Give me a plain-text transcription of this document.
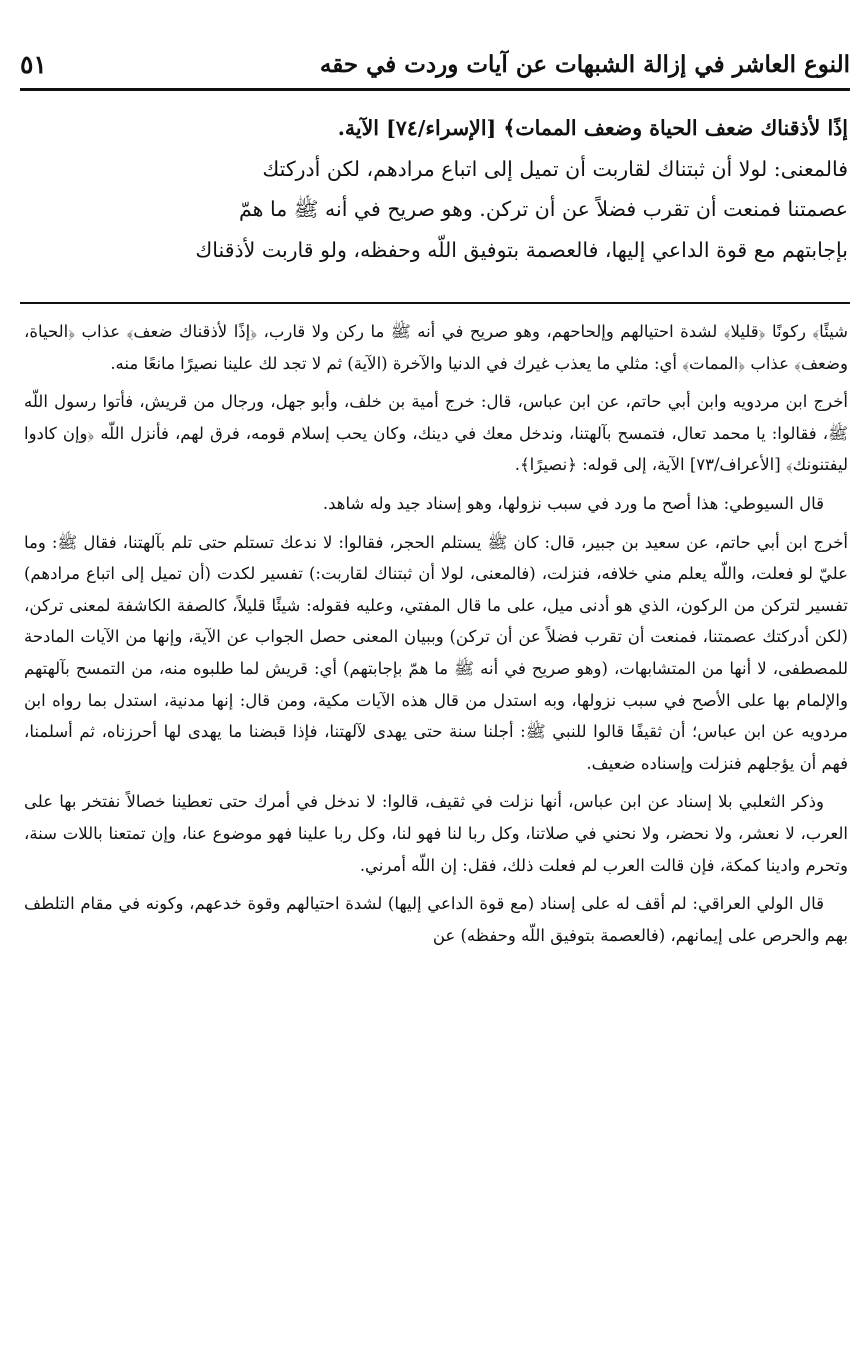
النوع العاشر في إزالة الشبهات عن آيات وردت في حقه
٥١

إذًا لأذقناك ضعف الحياة وضعف الممات﴾ [الإسراء/٧٤] الآية.

فالمعنى: لولا أن ثبتناك لقاربت أن تميل إلى اتباع مرادهم، لكن أدركتك

عصمتنا فمنعت أن تقرب فضلاً عن أن تركن. وهو صريح في أنه ﷺ ما همّ

بإجابتهم مع قوة الداعي إليها، فالعصمة بتوفيق اللّه وحفظه، ولو قاربت لأذقناك

شيئًا﴾ ركونًا ﴿قليلا﴾ لشدة احتيالهم وإلحاحهم، وهو صريح في أنه ﷺ ما ركن ولا قارب، ﴿إذًا لأذقناك ضعف﴾ عذاب ﴿الحياة، وضعف﴾ عذاب ﴿الممات﴾ أي: مثلي ما يعذب غيرك في الدنيا والآخرة (الآية) ثم لا تجد لك علينا نصيرًا مانعًا منه.

أخرج ابن مردويه وابن أبي حاتم، عن ابن عباس، قال: خرج أمية بن خلف، وأبو جهل، ورجال من قريش، فأتوا رسول اللّه ﷺ، فقالوا: يا محمد تعال، فتمسح بآلهتنا، وندخل معك في دينك، وكان يحب إسلام قومه، فرق لهم، فأنزل اللّه ﴿وإن كادوا ليفتنونك﴾ [الأعراف/٧٣] الآية، إلى قوله: ﴿نصيرًا﴾.

قال السيوطي: هذا أصح ما ورد في سبب نزولها، وهو إسناد جيد وله شاهد.

أخرج ابن أبي حاتم، عن سعيد بن جبير، قال: كان ﷺ يستلم الحجر، فقالوا: لا ندعك تستلم حتى تلم بآلهتنا، فقال ﷺ: وما عليّ لو فعلت، واللّه يعلم مني خلافه، فنزلت، (فالمعنى، لولا أن ثبتناك لقاربت:) تفسير لكدت (أن تميل إلى اتباع مرادهم) تفسير لتركن من الركون، الذي هو أدنى ميل، على ما قال المفتي، وعليه فقوله: شيئًا قليلاً، كالصفة الكاشفة لمعنى تركن، (لكن أدركتك عصمتنا، فمنعت أن تقرب فضلاً عن أن تركن) وببيان المعنى حصل الجواب عن الآية، وإنها من الآيات المادحة للمصطفى، لا أنها من المتشابهات، (وهو صريح في أنه ﷺ ما همّ بإجابتهم) أي: قريش لما طلبوه منه، من التمسح بآلهتهم والإلمام بها على الأصح في سبب نزولها، وبه استدل من قال هذه الآيات مكية، ومن قال: إنها مدنية، استدل بما رواه ابن مردويه عن ابن عباس؛ أن ثقيفًا قالوا للنبي ﷺ: أجلنا سنة حتى يهدى لآلهتنا، فإذا قبضنا ما يهدى لها أحرزناه، ثم أسلمنا، فهم أن يؤجلهم فنزلت وإسناده ضعيف.

وذكر الثعلبي بلا إسناد عن ابن عباس، أنها نزلت في ثقيف، قالوا: لا ندخل في أمرك حتى تعطينا خصالاً نفتخر بها على العرب، لا نعشر، ولا نحضر، ولا نحني في صلاتنا، وكل ربا لنا فهو لنا، وكل ربا علينا فهو موضوع عنا، وإن تمتعنا باللات سنة، وتحرم وادينا كمكة، فإن قالت العرب لم فعلت ذلك، فقل: إن اللّه أمرني.

قال الولي العراقي: لم أقف له على إسناد (مع قوة الداعي إليها) لشدة احتيالهم وقوة خدعهم، وكونه في مقام التلطف بهم والحرص على إيمانهم، (فالعصمة بتوفيق اللّه وحفظه) عن
